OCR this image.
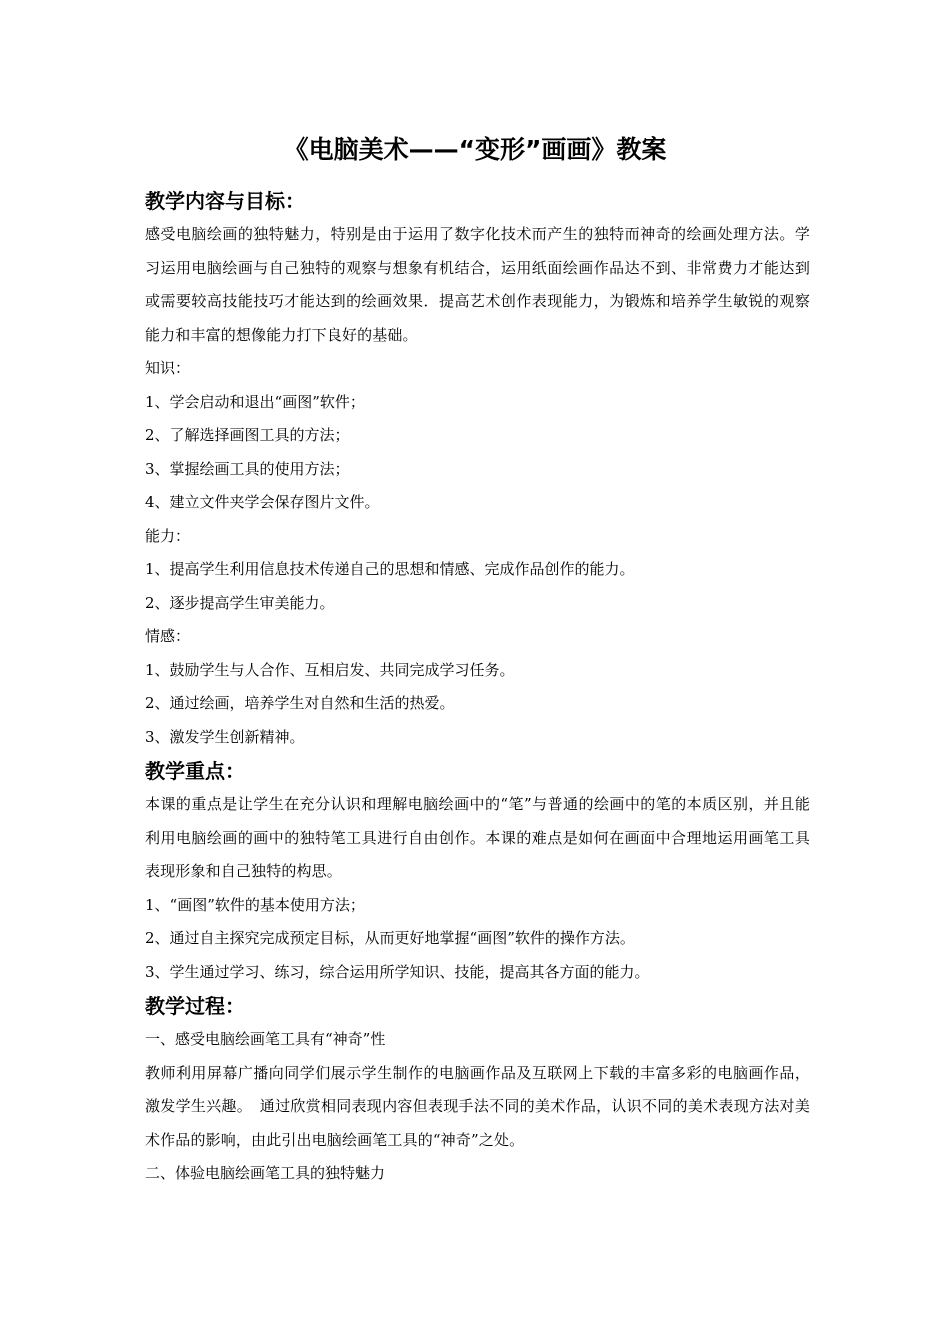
《电脑美术——“变形”画画》教案

教学内容与目标：

感受电脑绘画的独特魅力，特别是由于运用了数字化技术而产生的独特而神奇的绘画处理方法。学习运用电脑绘画与自己独特的观察与想象有机结合，运用纸面绘画作品达不到、非常费力才能达到或需要较高技能技巧才能达到的绘画效果．提高艺术创作表现能力，为锻炼和培养学生敏锐的观察能力和丰富的想像能力打下良好的基础。

知识：

1、学会启动和退出“画图”软件；

2、了解选择画图工具的方法；

3、掌握绘画工具的使用方法；

4、建立文件夹学会保存图片文件。

能力：

1、提高学生利用信息技术传递自己的思想和情感、完成作品创作的能力。

2、逐步提高学生审美能力。

情感：

1、鼓励学生与人合作、互相启发、共同完成学习任务。

2、通过绘画，培养学生对自然和生活的热爱。

3、激发学生创新精神。

教学重点：

本课的重点是让学生在充分认识和理解电脑绘画中的“笔”与普通的绘画中的笔的本质区别，并且能利用电脑绘画的画中的独特笔工具进行自由创作。本课的难点是如何在画面中合理地运用画笔工具表现形象和自己独特的构思。

1、“画图”软件的基本使用方法；

2、通过自主探究完成预定目标，从而更好地掌握“画图”软件的操作方法。

3、学生通过学习、练习，综合运用所学知识、技能，提高其各方面的能力。

教学过程：

一、感受电脑绘画笔工具有“神奇”性

教师利用屏幕广播向同学们展示学生制作的电脑画作品及互联网上下载的丰富多彩的电脑画作品，激发学生兴趣。　通过欣赏相同表现内容但表现手法不同的美术作品，认识不同的美术表现方法对美术作品的影响，由此引出电脑绘画笔工具的“神奇”之处。

二、体验电脑绘画笔工具的独特魅力
